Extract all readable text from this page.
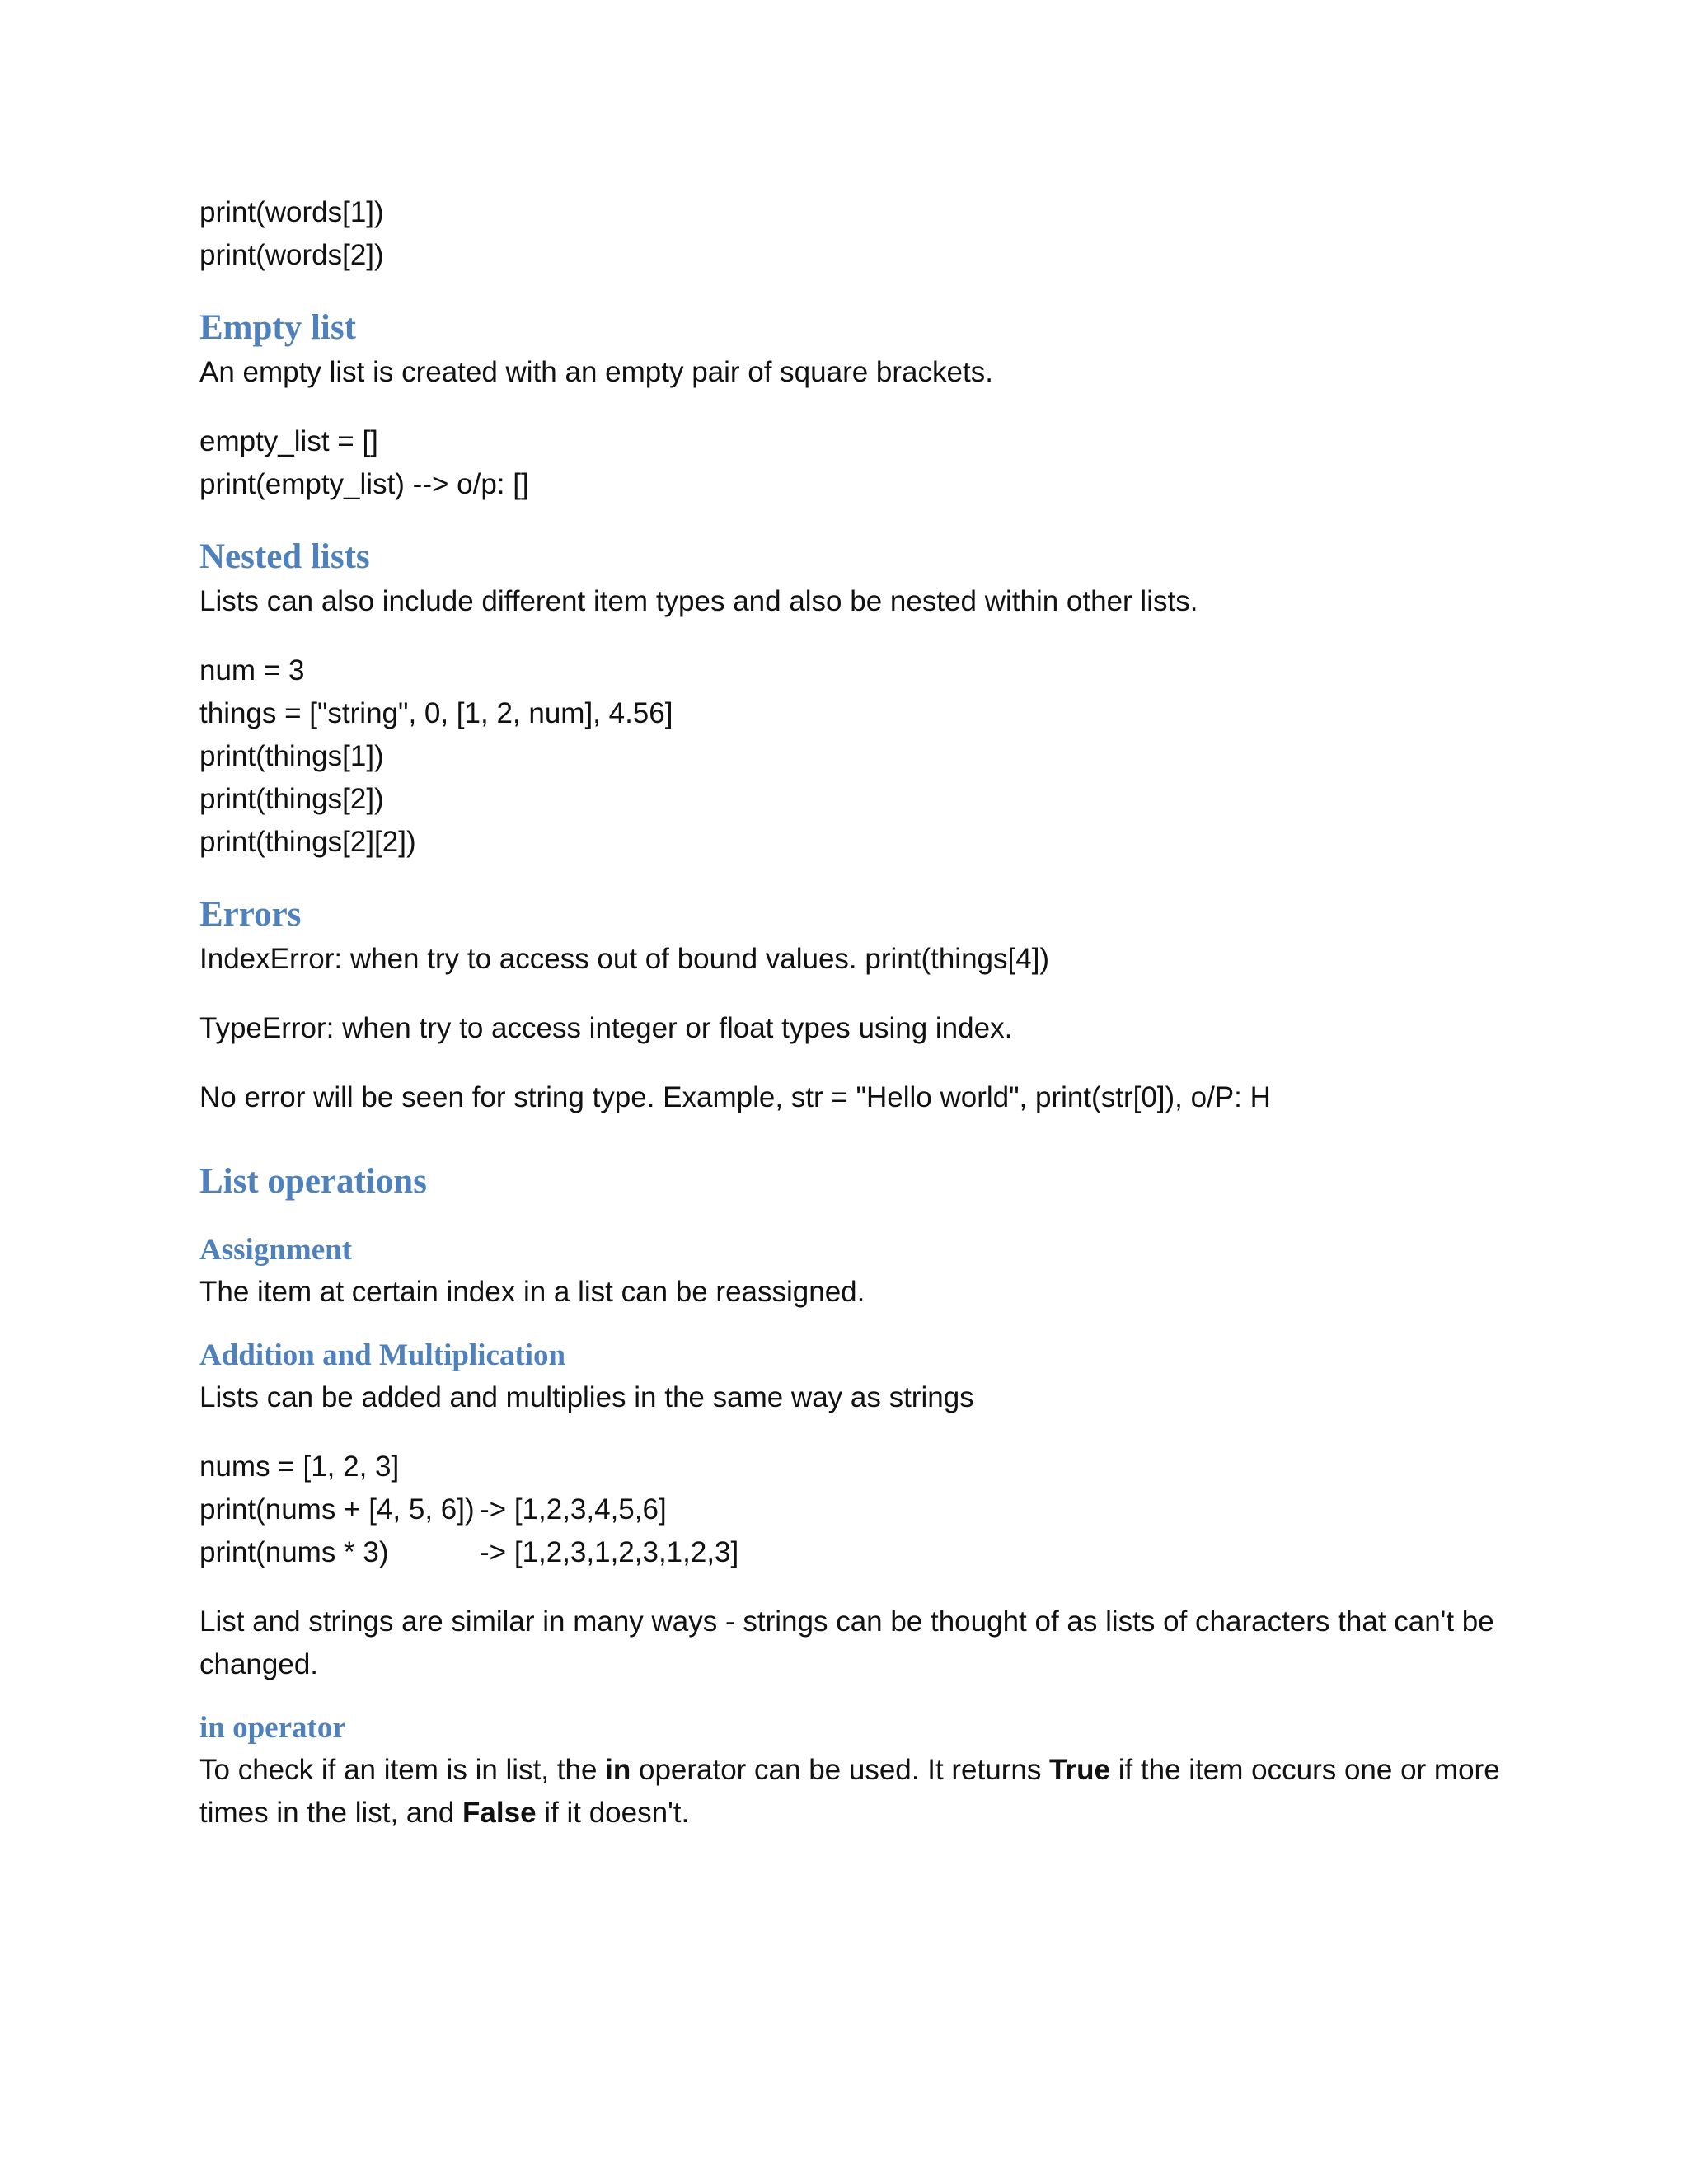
print(words[1])

print(words[2])

Empty list

An empty list is created with an empty pair of square brackets.

empty_list = []

print(empty_list) --> o/p: []

Nested lists

Lists can also include different item types and also be nested within other lists.

num = 3

things = ["string", 0, [1, 2, num], 4.56]

print(things[1])

print(things[2])

print(things[2][2])

Errors

IndexError: when try to access out of bound values. print(things[4])

TypeError: when try to access integer or float types using index.

No error will be seen for string type. Example, str = "Hello world", print(str[0]), o/P: H

List operations
Assignment

The item at certain index in a list can be reassigned.

Addition and Multiplication

Lists can be added and multiplies in the same way as strings

nums = [1, 2, 3]

print(nums + [4, 5, 6]) -> [1,2,3,4,5,6]
print(nums * 3)	-> [1,2,3,1,2,3,1,2,3]

List and strings are similar in many ways - strings can be thought of as lists of characters that can't be changed.

in operator

To check if an item is in list, the in operator can be used. It returns True if the item occurs one or more times in the list, and False if it doesn't.
